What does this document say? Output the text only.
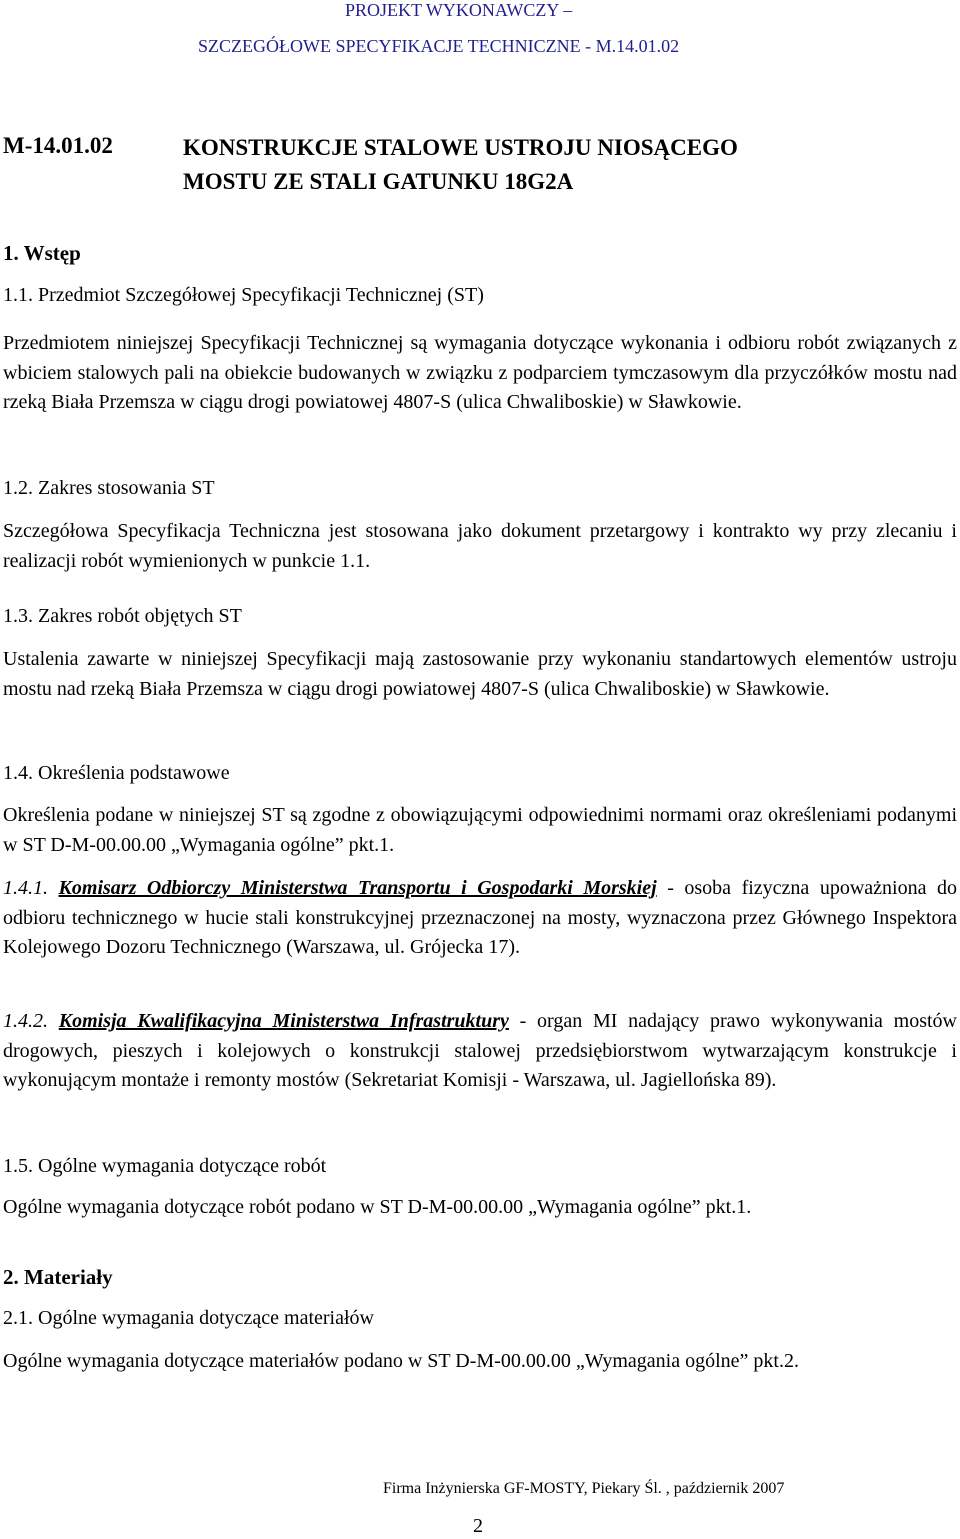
PROJEKT WYKONAWCZY –
SZCZEGÓŁOWE SPECYFIKACJE TECHNICZNE - M.14.01.02
M-14.01.02	KONSTRUKCJE STALOWE USTROJU NIOSĄCEGO
MOSTU ZE STALI GATUNKU 18G2A
1. Wstęp
1.1. Przedmiot Szczegółowej Specyfikacji Technicznej (ST)
Przedmiotem niniejszej Specyfikacji Technicznej są wymagania dotyczące wykonania i odbioru robót związanych z wbiciem stalowych pali na obiekcie budowanych w związku z podparciem tymczasowym dla przyczółków mostu nad rzeką Biała Przemsza w ciągu drogi powiatowej 4807-S (ulica Chwaliboskie) w Sławkowie.
1.2. Zakres stosowania ST
Szczegółowa Specyfikacja Techniczna jest stosowana jako dokument przetargowy i kontrakto wy przy zlecaniu i realizacji robót wymienionych w punkcie 1.1.
1.3. Zakres robót objętych ST
Ustalenia zawarte w niniejszej Specyfikacji mają zastosowanie przy wykonaniu standartowych elementów ustroju mostu nad rzeką Biała Przemsza w ciągu drogi powiatowej 4807-S (ulica Chwaliboskie) w Sławkowie.
1.4. Określenia podstawowe
Określenia podane w niniejszej ST są zgodne z obowiązującymi odpowiednimi normami oraz określeniami podanymi w ST D-M-00.00.00 „Wymagania ogólne” pkt.1.
1.4.1. Komisarz Odbiorczy Ministerstwa Transportu i Gospodarki Morskiej - osoba fizyczna upoważniona do odbioru technicznego w hucie stali konstrukcyjnej przeznaczonej na mosty, wyznaczona przez Głównego Inspektora Kolejowego Dozoru Technicznego (Warszawa, ul. Grójecka 17).
1.4.2. Komisja Kwalifikacyjna Ministerstwa Infrastruktury - organ MI nadający prawo wykonywania mostów drogowych, pieszych i kolejowych o konstrukcji stalowej przedsiębiorstwom wytwarzającym konstrukcje i wykonującym montaże i remonty mostów (Sekretariat Komisji - Warszawa, ul. Jagiellońska 89).
1.5. Ogólne wymagania dotyczące robót
Ogólne wymagania dotyczące robót podano w ST D-M-00.00.00 „Wymagania ogólne” pkt.1.
2. Materiały
2.1. Ogólne wymagania dotyczące materiałów
Ogólne wymagania dotyczące materiałów podano w ST D-M-00.00.00 „Wymagania ogólne” pkt.2.
Firma Inżynierska GF-MOSTY, Piekary Śl. , październik 2007
2
